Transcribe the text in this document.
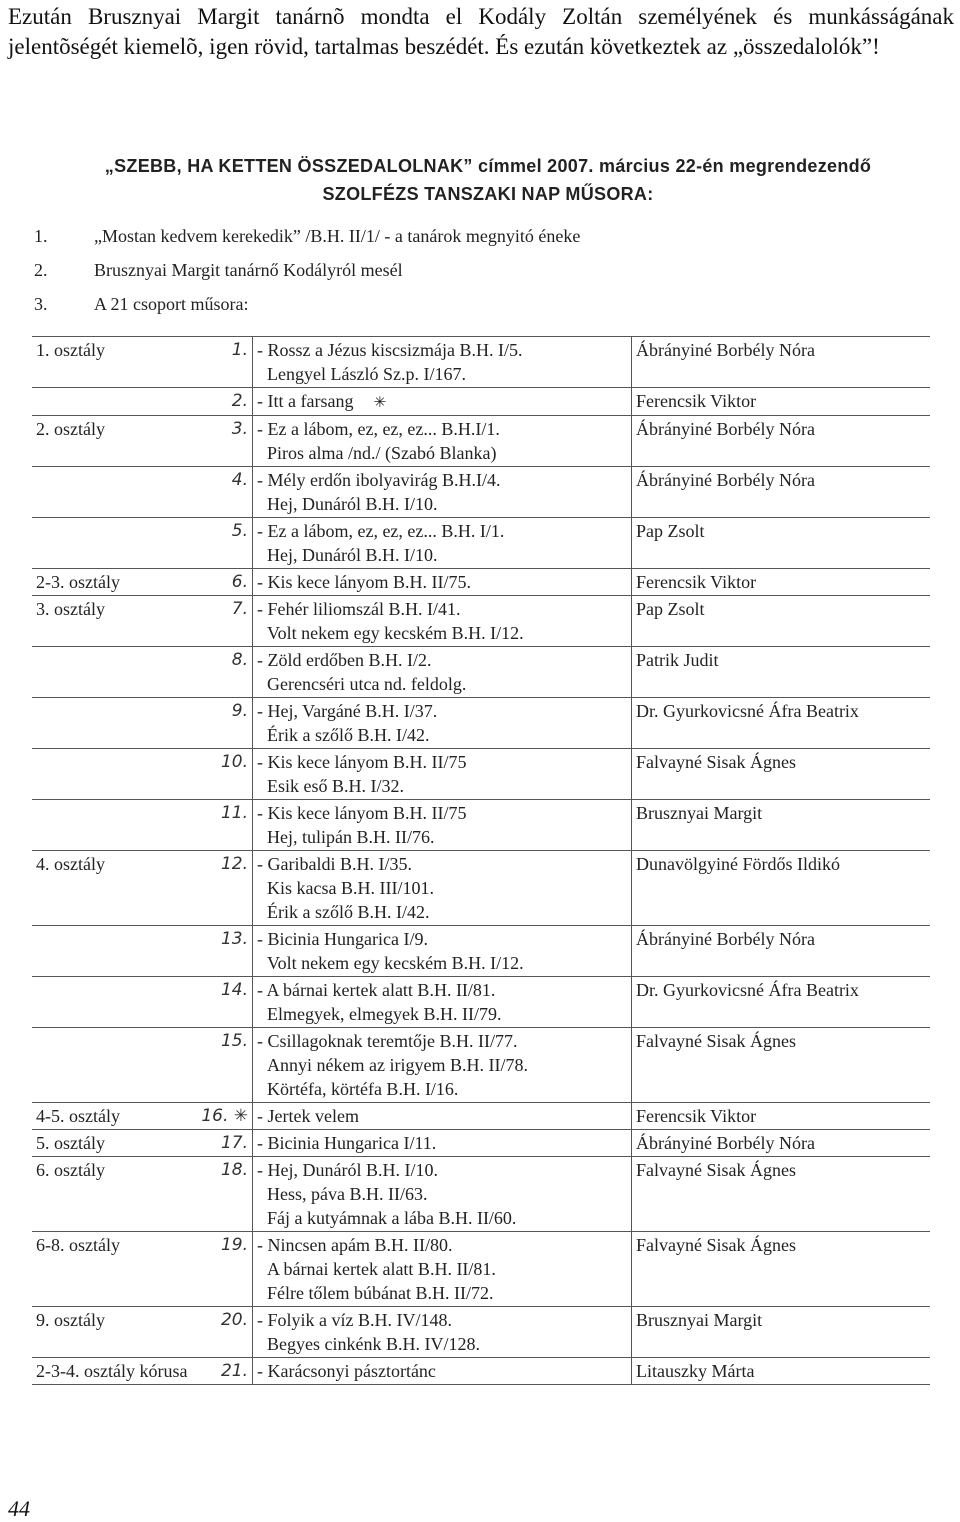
Ezután Brusznyai Margit tanárnõ mondta el Kodály Zoltán személyének és munkásságának jelentõségét kiemelõ, igen rövid, tartalmas beszédét. És ezután következtek az „összedalolók”!

„SZEBB, HA KETTEN ÖSSZEDALOLNAK” címmel 2007. március 22-én megrendezendő
SZOLFÉZS TANSZAKI NAP MŰSORA:
1.	„Mostan kedvem kerekedik” /B.H. II/1/ - a tanárok megnyitó éneke
2.	Brusznyai Margit tanárnő Kodályról mesél
3.	A 21 csoport műsora:
1. osztály	1.	- Rossz a Jézus kiscsizmája B.H. I/5.
Lengyel László Sz.p. I/167.	Ábrányiné Borbély Nóra
	2.	- Itt a farsang ✳	Ferencsik Viktor
2. osztály	3.	- Ez a lábom, ez, ez, ez... B.H.I/1.
Piros alma /nd./ (Szabó Blanka)	Ábrányiné Borbély Nóra
	4.	- Mély erdőn ibolyavirág B.H.I/4.
Hej, Dunáról B.H. I/10.	Ábrányiné Borbély Nóra
	5.	- Ez a lábom, ez, ez, ez... B.H. I/1.
Hej, Dunáról B.H. I/10.	Pap Zsolt
2-3. osztály	6.	- Kis kece lányom B.H. II/75.	Ferencsik Viktor
3. osztály	7.	- Fehér liliomszál B.H. I/41.
Volt nekem egy kecském B.H. I/12.	Pap Zsolt
	8.	- Zöld erdőben B.H. I/2.
Gerencséri utca nd. feldolg.	Patrik Judit
	9.	- Hej, Vargáné B.H. I/37.
Érik a szőlő B.H. I/42.	Dr. Gyurkovicsné Áfra Beatrix
	10.	- Kis kece lányom B.H. II/75
Esik eső B.H. I/32.	Falvayné Sisak Ágnes
	11.	- Kis kece lányom B.H. II/75
Hej, tulipán B.H. II/76.	Brusznyai Margit
4. osztály	12.	- Garibaldi B.H. I/35.
Kis kacsa B.H. III/101.
Érik a szőlő B.H. I/42.	Dunavölgyiné Fördős Ildikó
	13.	- Bicinia Hungarica I/9.
Volt nekem egy kecském B.H. I/12.	Ábrányiné Borbély Nóra
	14.	- A bárnai kertek alatt B.H. II/81.
Elmegyek, elmegyek B.H. II/79.	Dr. Gyurkovicsné Áfra Beatrix
	15.	- Csillagoknak teremtője B.H. II/77.
Annyi nékem az irigyem B.H. II/78.
Körtéfa, körtéfa B.H. I/16.	Falvayné Sisak Ágnes
4-5. osztály	16. ✳	- Jertek velem	Ferencsik Viktor
5. osztály	17.	- Bicinia Hungarica I/11.	Ábrányiné Borbély Nóra
6. osztály	18.	- Hej, Dunáról B.H. I/10.
Hess, páva B.H. II/63.
Fáj a kutyámnak a lába B.H. II/60.	Falvayné Sisak Ágnes
6-8. osztály	19.	- Nincsen apám B.H. II/80.
A bárnai kertek alatt B.H. II/81.
Félre tőlem búbánat B.H. II/72.	Falvayné Sisak Ágnes
9. osztály	20.	- Folyik a víz B.H. IV/148.
Begyes cinkénk B.H. IV/128.	Brusznyai Margit
2-3-4. osztály kórusa	21.	- Karácsonyi pásztortánc	Litauszky Márta
44
